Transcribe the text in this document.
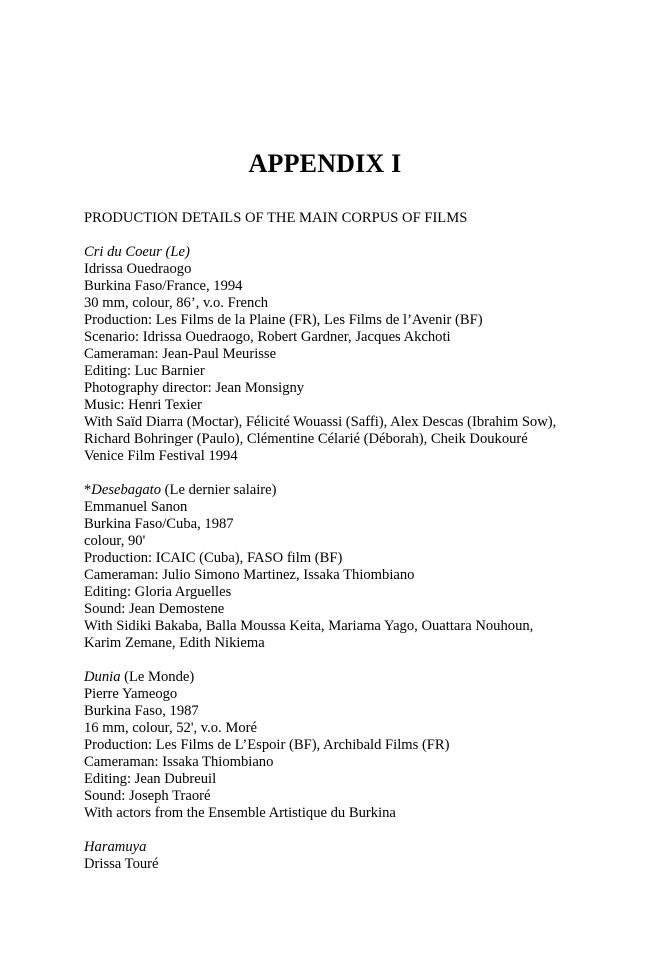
APPENDIX I
PRODUCTION DETAILS OF THE MAIN CORPUS OF FILMS
Cri du Coeur (Le)
Idrissa Ouedraogo
Burkina Faso/France, 1994
30 mm, colour, 86’, v.o. French
Production: Les Films de la Plaine (FR), Les Films de l’Avenir (BF)
Scenario: Idrissa Ouedraogo, Robert Gardner, Jacques Akchoti
Cameraman: Jean-Paul Meurisse
Editing: Luc Barnier
Photography director: Jean Monsigny
Music: Henri Texier
With Saïd Diarra (Moctar), Félicité Wouassi (Saffi), Alex Descas (Ibrahim Sow),
Richard Bohringer (Paulo), Clémentine Célarié (Déborah), Cheik Doukouré
Venice Film Festival 1994
*Desebagato (Le dernier salaire)
Emmanuel Sanon
Burkina Faso/Cuba, 1987
colour, 90'
Production: ICAIC (Cuba), FASO film (BF)
Cameraman: Julio Simono Martinez, Issaka Thiombiano
Editing: Gloria Arguelles
Sound: Jean Demostene
With Sidiki Bakaba, Balla Moussa Keita, Mariama Yago, Ouattara Nouhoun,
Karim Zemane, Edith Nikiema
Dunia (Le Monde)
Pierre Yameogo
Burkina Faso, 1987
16 mm, colour, 52', v.o. Moré
Production: Les Films de L’Espoir (BF), Archibald Films (FR)
Cameraman: Issaka Thiombiano
Editing: Jean Dubreuil
Sound: Joseph Traoré
With actors from the Ensemble Artistique du Burkina
Haramuya
Drissa Touré
